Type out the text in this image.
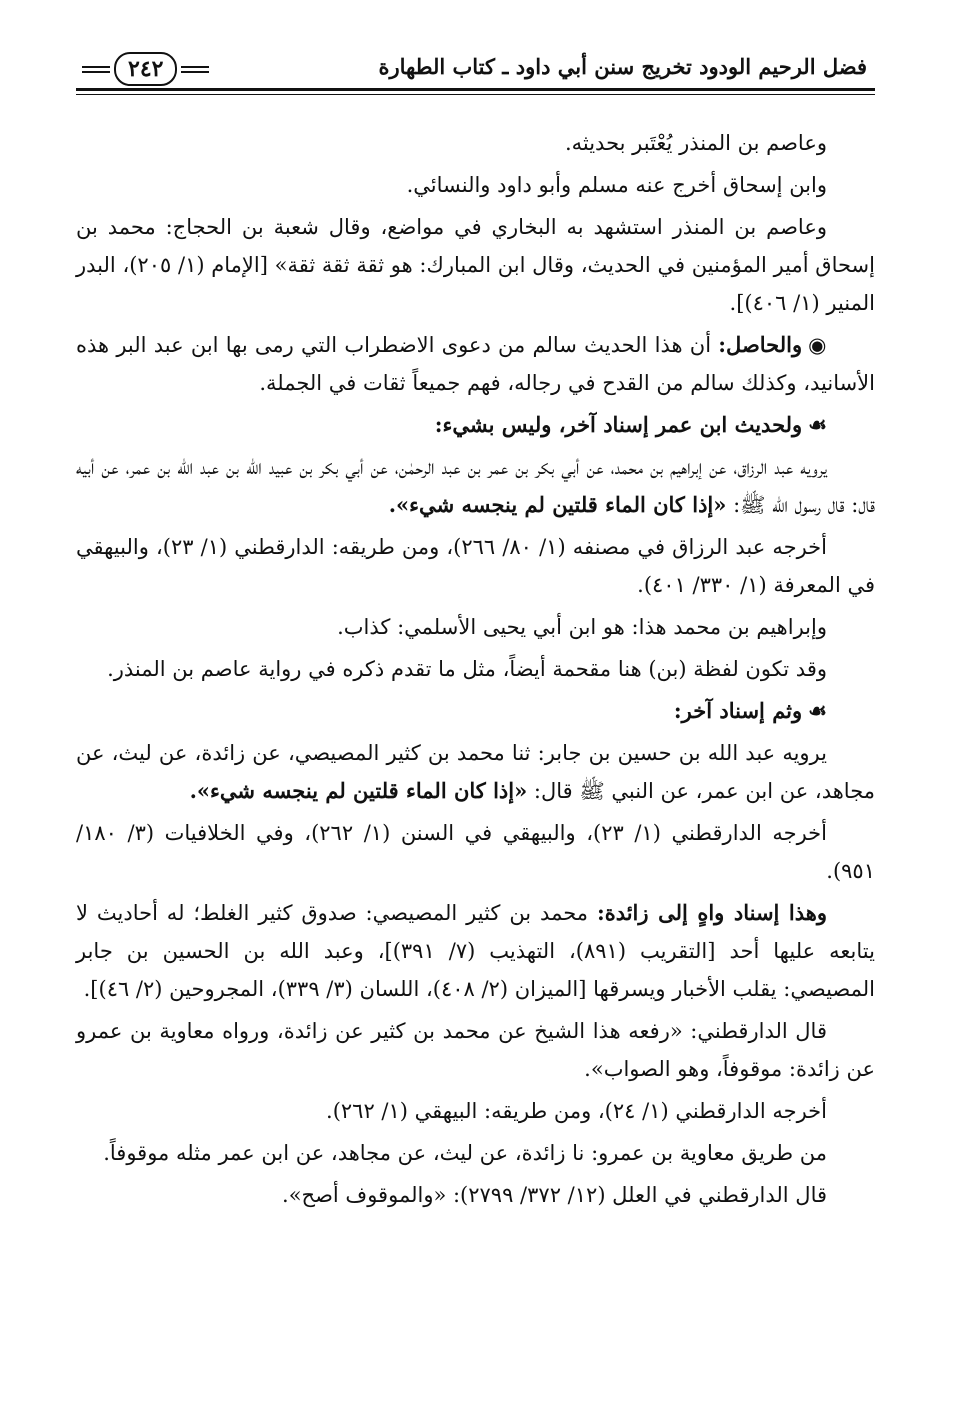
فضل الرحيم الودود تخريج سنن أبي داود ـ كتاب الطهارة
٢٤٢

وعاصم بن المنذر يُعْتَبر بحديثه.

وابن إسحاق أخرج عنه مسلم وأبو داود والنسائي.

وعاصم بن المنذر استشهد به البخاري في مواضع، وقال شعبة بن الحجاج: محمد بن إسحاق أمير المؤمنين في الحديث، وقال ابن المبارك: هو ثقة ثقة ثقة» [الإمام (١/ ٢٠٥)، البدر المنير (١/ ٤٠٦)].

◉والحاصل: أن هذا الحديث سالم من دعوى الاضطراب التي رمى بها ابن عبد البر هذه الأسانيد، وكذلك سالم من القدح في رجاله، فهم جميعاً ثقات في الجملة.

☙ولحديث ابن عمر إسناد آخر، وليس بشيء:

يرويه عبد الرزاق، عن إبراهيم بن محمد، عن أبي بكر بن عمر بن عبد الرحمٰن، عن أبي بكر بن عبيد الله بن عبد الله بن عمر، عن أبيه قال: قال رسول الله ﷺ: «إذا كان الماء قلتين لم ينجسه شيء».

أخرجه عبد الرزاق في مصنفه (١/ ٨٠/ ٢٦٦)، ومن طريقه: الدارقطني (١/ ٢٣)، والبيهقي في المعرفة (١/ ٣٣٠/ ٤٠١).

وإبراهيم بن محمد هذا: هو ابن أبي يحيى الأسلمي: كذاب.

وقد تكون لفظة (بن) هنا مقحمة أيضاً، مثل ما تقدم ذكره في رواية عاصم بن المنذر.

☙وثم إسناد آخر:

يرويه عبد الله بن حسين بن جابر: ثنا محمد بن كثير المصيصي، عن زائدة، عن ليث، عن مجاهد، عن ابن عمر، عن النبي ﷺ قال: «إذا كان الماء قلتين لم ينجسه شيء».

أخرجه الدارقطني (١/ ٢٣)، والبيهقي في السنن (١/ ٢٦٢)، وفي الخلافيات (٣/ ١٨٠/ ٩٥١).

وهذا إسناد واهٍ إلى زائدة: محمد بن كثير المصيصي: صدوق كثير الغلط؛ له أحاديث لا يتابعه عليها أحد [التقريب (٨٩١)، التهذيب (٧/ ٣٩١)]، وعبد الله بن الحسين بن جابر المصيصي: يقلب الأخبار ويسرقها [الميزان (٢/ ٤٠٨)، اللسان (٣/ ٣٣٩)، المجروحين (٢/ ٤٦)].

قال الدارقطني: «رفعه هذا الشيخ عن محمد بن كثير عن زائدة، ورواه معاوية بن عمرو عن زائدة: موقوفاً، وهو الصواب».

أخرجه الدارقطني (١/ ٢٤)، ومن طريقه: البيهقي (١/ ٢٦٢).

من طريق معاوية بن عمرو: نا زائدة، عن ليث، عن مجاهد، عن ابن عمر مثله موقوفاً.

قال الدارقطني في العلل (١٢/ ٣٧٢/ ٢٧٩٩): «والموقوف أصح».
